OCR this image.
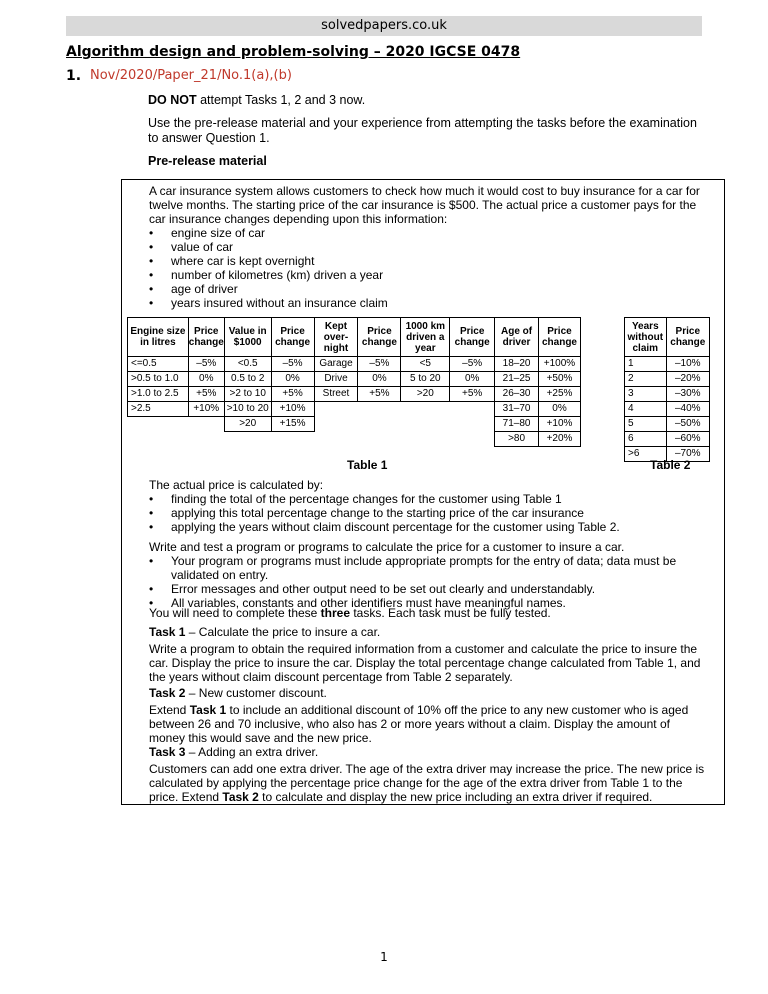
solvedpapers.co.uk
Algorithm design and problem-solving – 2020 IGCSE 0478
1. Nov/2020/Paper_21/No.1(a),(b)
DO NOT attempt Tasks 1, 2 and 3 now.
Use the pre-release material and your experience from attempting the tasks before the examination to answer Question 1.
Pre-release material
A car insurance system allows customers to check how much it would cost to buy insurance for a car for twelve months. The starting price of the car insurance is $500. The actual price a customer pays for the car insurance changes depending upon this information:
• engine size of car
• value of car
• where car is kept overnight
• number of kilometres (km) driven a year
• age of driver
• years insured without an insurance claim
Engine size in litres	Price change	Value in $1000	Price change	Kept over-night	Price change	1000 km driven a year	Price change	Age of driver	Price change
<=0.5	–5%	<0.5	–5%	Garage	–5%	<5	–5%	18–20	+100%
>0.5 to 1.0	0%	0.5 to 2	0%	Drive	0%	5 to 20	0%	21–25	+50%
>1.0 to 2.5	+5%	>2 to 10	+5%	Street	+5%	>20	+5%	26–30	+25%
>2.5	+10%	>10 to 20	+10%					31–70	0%
		>20	+15%					71–80	+10%
								>80	+20%
Years without claim	Price change
1	–10%
2	–20%
3	–30%
4	–40%
5	–50%
6	–60%
>6	–70%
Table 1	Table 2
The actual price is calculated by:
• finding the total of the percentage changes for the customer using Table 1
• applying this total percentage change to the starting price of the car insurance
• applying the years without claim discount percentage for the customer using Table 2.
Write and test a program or programs to calculate the price for a customer to insure a car.
• Your program or programs must include appropriate prompts for the entry of data; data must be validated on entry.
• Error messages and other output need to be set out clearly and understandably.
• All variables, constants and other identifiers must have meaningful names.
You will need to complete these three tasks. Each task must be fully tested.
Task 1 – Calculate the price to insure a car.
Write a program to obtain the required information from a customer and calculate the price to insure the car. Display the price to insure the car. Display the total percentage change calculated from Table 1, and the years without claim discount percentage from Table 2 separately.
Task 2 – New customer discount.
Extend Task 1 to include an additional discount of 10% off the price to any new customer who is aged between 26 and 70 inclusive, who also has 2 or more years without a claim. Display the amount of money this would save and the new price.
Task 3 – Adding an extra driver.
Customers can add one extra driver. The age of the extra driver may increase the price. The new price is calculated by applying the percentage price change for the age of the extra driver from Table 1 to the price. Extend Task 2 to calculate and display the new price including an extra driver if required.
1
